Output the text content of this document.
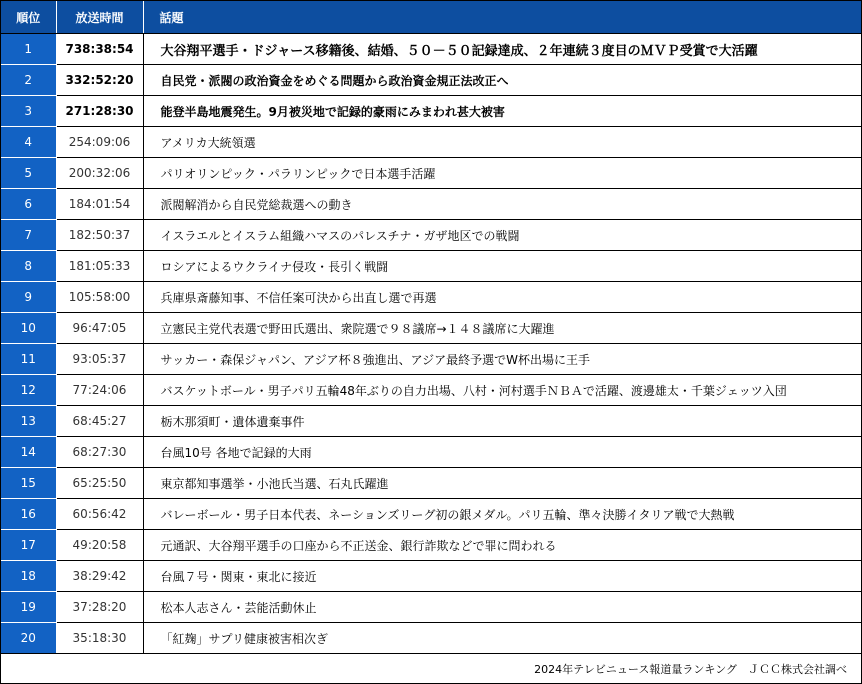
順位	放送時間	話題
1	738:38:54	大谷翔平選手・ドジャース移籍後、結婚、５０－５０記録達成、２年連続３度目のＭＶＰ受賞で大活躍
2	332:52:20	自民党・派閥の政治資金をめぐる問題から政治資金規正法改正へ
3	271:28:30	能登半島地震発生。9月被災地で記録的豪雨にみまわれ甚大被害
4	254:09:06	アメリカ大統領選
5	200:32:06	パリオリンピック・パラリンピックで日本選手活躍
6	184:01:54	派閥解消から自民党総裁選への動き
7	182:50:37	イスラエルとイスラム組織ハマスのパレスチナ・ガザ地区での戦闘
8	181:05:33	ロシアによるウクライナ侵攻・長引く戦闘
9	105:58:00	兵庫県斎藤知事、不信任案可決から出直し選で再選
10	96:47:05	立憲民主党代表選で野田氏選出、衆院選で９８議席→１４８議席に大躍進
11	93:05:37	サッカー・森保ジャパン、アジア杯８強進出、アジア最終予選でW杯出場に王手
12	77:24:06	バスケットボール・男子パリ五輪48年ぶりの自力出場、八村・河村選手ＮＢＡで活躍、渡邊雄太・千葉ジェッツ入団
13	68:45:27	栃木那須町・遺体遺棄事件
14	68:27:30	台風10号 各地で記録的大雨
15	65:25:50	東京都知事選挙・小池氏当選、石丸氏躍進
16	60:56:42	バレーボール・男子日本代表、ネーションズリーグ初の銀メダル。パリ五輪、準々決勝イタリア戦で大熱戦
17	49:20:58	元通訳、大谷翔平選手の口座から不正送金、銀行詐欺などで罪に問われる
18	38:29:42	台風７号・関東・東北に接近
19	37:28:20	松本人志さん・芸能活動休止
20	35:18:30	「紅麹」サプリ健康被害相次ぎ
2024年テレビニュース報道量ランキング　ＪＣＣ株式会社調べ
